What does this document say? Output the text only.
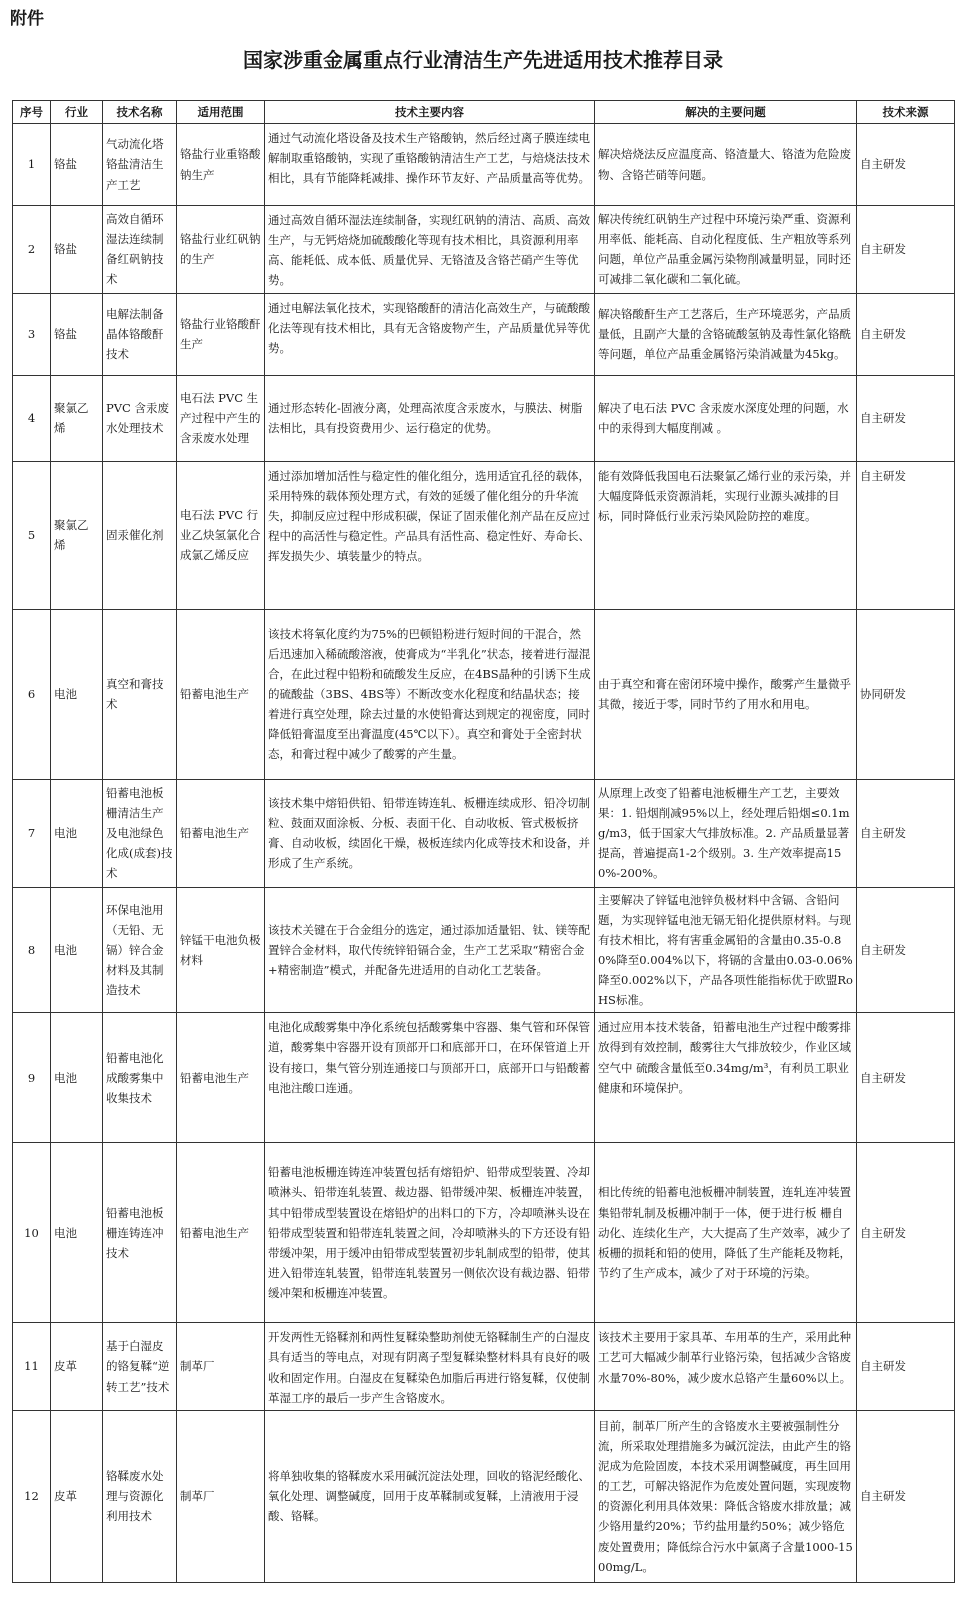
附件
国家涉重金属重点行业清洁生产先进适用技术推荐目录
序号	行业	技术名称	适用范围	技术主要内容	解决的主要问题	技术来源
1	铬盐	气动流化塔铬盐清洁生产工艺	铬盐行业重铬酸钠生产	通过气动流化塔设备及技术生产铬酸钠，然后经过离子膜连续电解制取重铬酸钠，实现了重铬酸钠清洁生产工艺，与焙烧法技术相比，具有节能降耗减排、操作环节友好、产品质量高等优势。	解决焙烧法反应温度高、铬渣量大、铬渣为危险废物、含铬芒硝等问题。	自主研发
2	铬盐	高效自循环湿法连续制备红矾钠技术	铬盐行业红矾钠的生产	通过高效自循环湿法连续制备，实现红矾钠的清洁、高质、高效生产，与无钙焙烧加硫酸酸化等现有技术相比，具资源利用率高、能耗低、成本低、质量优异、无铬渣及含铬芒硝产生等优势。	解决传统红矾钠生产过程中环境污染严重、资源利用率低、能耗高、自动化程度低、生产粗放等系列问题，单位产品重金属污染物削减量明显，同时还可减排二氧化碳和二氧化硫。	自主研发
3	铬盐	电解法制备晶体铬酸酐技术	铬盐行业铬酸酐生产	通过电解法氧化技术，实现铬酸酐的清洁化高效生产，与硫酸酸化法等现有技术相比，具有无含铬废物产生，产品质量优异等优势。	解决铬酸酐生产工艺落后，生产环境恶劣，产品质量低，且副产大量的含铬硫酸氢钠及毒性氯化铬酰等问题，单位产品重金属铬污染消减量为45kg。	自主研发
4	聚氯乙烯	PVC 含汞废水处理技术	电石法 PVC 生产过程中产生的含汞废水处理	通过形态转化-固液分离，处理高浓度含汞废水，与膜法、树脂法相比，具有投资费用少、运行稳定的优势。	解决了电石法 PVC 含汞废水深度处理的问题，水中的汞得到大幅度削减 。	自主研发
5	聚氯乙烯	固汞催化剂	电石法 PVC 行业乙炔氢氯化合成氯乙烯反应	通过添加增加活性与稳定性的催化组分，选用适宜孔径的载体，采用特殊的载体预处理方式，有效的延缓了催化组分的升华流失，抑制反应过程中形成积碳，保证了固汞催化剂产品在反应过程中的高活性与稳定性。产品具有活性高、稳定性好、寿命长、挥发损失少、填装量少的特点。	能有效降低我国电石法聚氯乙烯行业的汞污染，并大幅度降低汞资源消耗，实现行业源头减排的目标，同时降低行业汞污染风险防控的难度。	自主研发
6	电池	真空和膏技术	铅蓄电池生产	该技术将氧化度约为75%的巴顿铅粉进行短时间的干混合，然后迅速加入稀硫酸溶液，使膏成为“半乳化”状态，接着进行湿混合，在此过程中铅粉和硫酸发生反应，在4BS晶种的引诱下生成的硫酸盐（3BS、4BS等）不断改变水化程度和结晶状态；接着进行真空处理，除去过量的水使铅膏达到规定的视密度，同时降低铅膏温度至出膏温度(45℃以下）。真空和膏处于全密封状态，和膏过程中减少了酸雾的产生量。	由于真空和膏在密闭环境中操作，酸雾产生量微乎其微，接近于零，同时节约了用水和用电。	协同研发
7	电池	铅蓄电池板栅清洁生产及电池绿色化成(成套)技术	铅蓄电池生产	该技术集中熔铅供铅、铅带连铸连轧、板栅连续成形、铅冷切制粒、鼓面双面涂板、分板、表面干化、自动收板、管式极板挤膏、自动收板，续固化干燥，极板连续内化成等技术和设备，并形成了生产系统。	从原理上改变了铅蓄电池板栅生产工艺，主要效果：1. 铅烟削减95%以上，经处理后铅烟≤0.1mg/m3，低于国家大气排放标准。2. 产品质量显著提高，普遍提高1-2个级别。3. 生产效率提高150%-200%。	自主研发
8	电池	环保电池用（无铅、无镉）锌合金材料及其制造技术	锌锰干电池负极材料	该技术关键在于合金组分的选定，通过添加适量铝、钛、镁等配置锌合金材料，取代传统锌铅镉合金，生产工艺采取“精密合金+精密制造”模式，并配备先进适用的自动化工艺装备。	主要解决了锌锰电池锌负极材料中含镉、含铅问题，为实现锌锰电池无镉无铅化提供原材料。与现有技术相比，将有害重金属铅的含量由0.35-0.80%降至0.004%以下，将镉的含量由0.03-0.06%降至0.002%以下，产品各项性能指标优于欧盟RoHS标准。	自主研发
9	电池	铅蓄电池化成酸雾集中收集技术	铅蓄电池生产	电池化成酸雾集中净化系统包括酸雾集中容器、集气管和环保管道，酸雾集中容器开设有顶部开口和底部开口，在环保管道上开设有接口，集气管分别连通接口与顶部开口，底部开口与铅酸蓄电池注酸口连通。	通过应用本技术装备，铅蓄电池生产过程中酸雾排放得到有效控制，酸雾往大气排放较少，作业区域空气中 硫酸含量低至0.34mg/m³，有利员工职业健康和环境保护。	自主研发
10	电池	铅蓄电池板栅连铸连冲技术	铅蓄电池生产	铅蓄电池板栅连铸连冲装置包括有熔铅炉、铅带成型装置、冷却喷淋头、铅带连轧装置、裁边器、铅带缓冲架、板栅连冲装置，其中铅带成型装置设在熔铅炉的出料口的下方，冷却喷淋头设在铅带成型装置和铅带连轧装置之间，冷却喷淋头的下方还设有铅带缓冲架，用于缓冲由铅带成型装置初步轧制成型的铅带，使其进入铅带连轧装置，铅带连轧装置另一侧依次设有裁边器、铅带缓冲架和板栅连冲装置。	相比传统的铅蓄电池板栅冲制装置，连轧连冲装置集铅带轧制及板栅冲制于一体，便于进行板 栅自动化、连续化生产，大大提高了生产效率，减少了板栅的损耗和铅的使用，降低了生产能耗及物耗，节约了生产成本，减少了对于环境的污染。	自主研发
11	皮革	基于白湿皮的铬复鞣“逆转工艺”技术	制革厂	开发两性无铬鞣剂和两性复鞣染整助剂使无铬鞣制生产的白湿皮具有适当的等电点，对现有阴离子型复鞣染整材料具有良好的吸收和固定作用。白湿皮在复鞣染色加脂后再进行铬复鞣，仅使制革湿工序的最后一步产生含铬废水。	该技术主要用于家具革、车用革的生产，采用此种工艺可大幅减少制革行业铬污染，包括减少含铬废水量70%-80%，减少废水总铬产生量60%以上。	自主研发
12	皮革	铬鞣废水处理与资源化利用技术	制革厂	将单独收集的铬鞣废水采用碱沉淀法处理，回收的铬泥经酸化、氧化处理、调整碱度，回用于皮革鞣制或复鞣，上清液用于浸酸、铬鞣。	目前，制革厂所产生的含铬废水主要被强制性分流，所采取处理措施多为碱沉淀法，由此产生的铬泥成为危险固废，本技术采用调整碱度，再生回用的工艺，可解决铬泥作为危废处置问题，实现废物的资源化利用具体效果：降低含铬废水排放量；减少铬用量约20%；节约盐用量约50%；减少铬危废处置费用；降低综合污水中氯离子含量1000-1500mg/L。	自主研发
